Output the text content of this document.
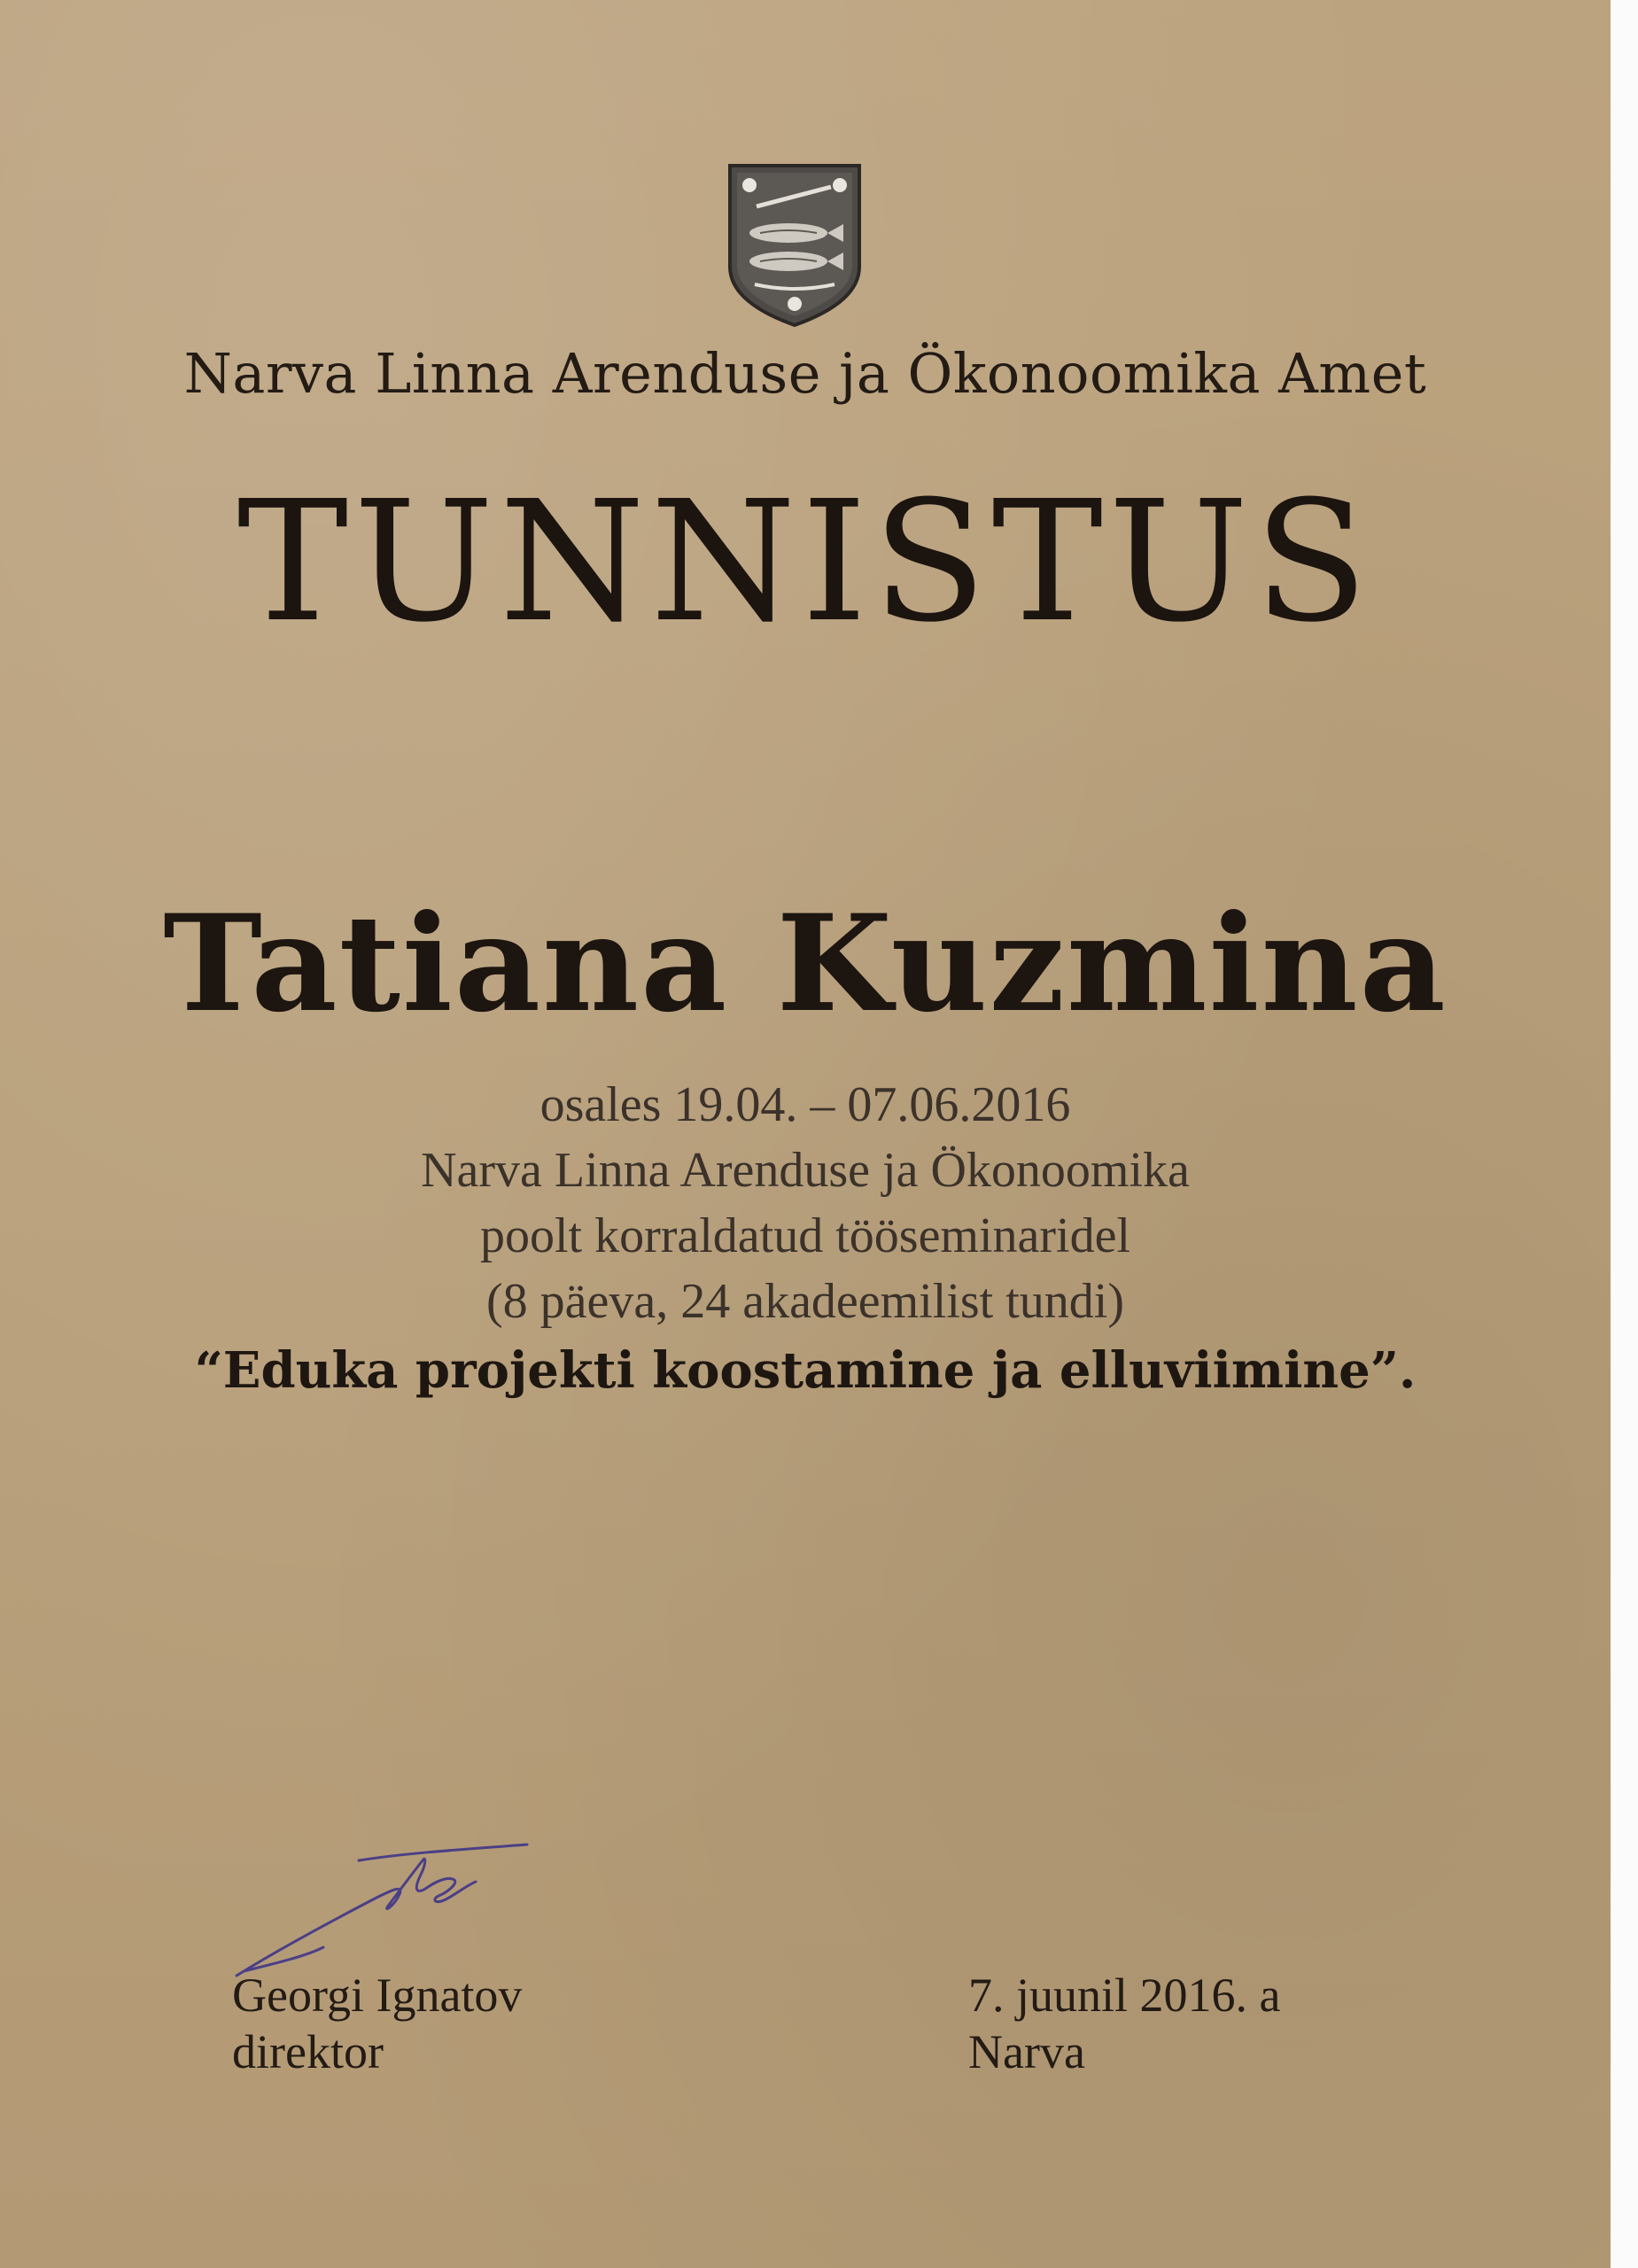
Narva Linna Arenduse ja Ökonoomika Amet
TUNNISTUS
Tatiana Kuzmina
osales 19.04. – 07.06.2016
Narva Linna Arenduse ja Ökonoomika
poolt korraldatud tööseminaridel
(8 päeva, 24 akadeemilist tundi)
“Eduka projekti koostamine ja elluviimine”.
Georgi Ignatov
direktor
7. juunil 2016. a
Narva
